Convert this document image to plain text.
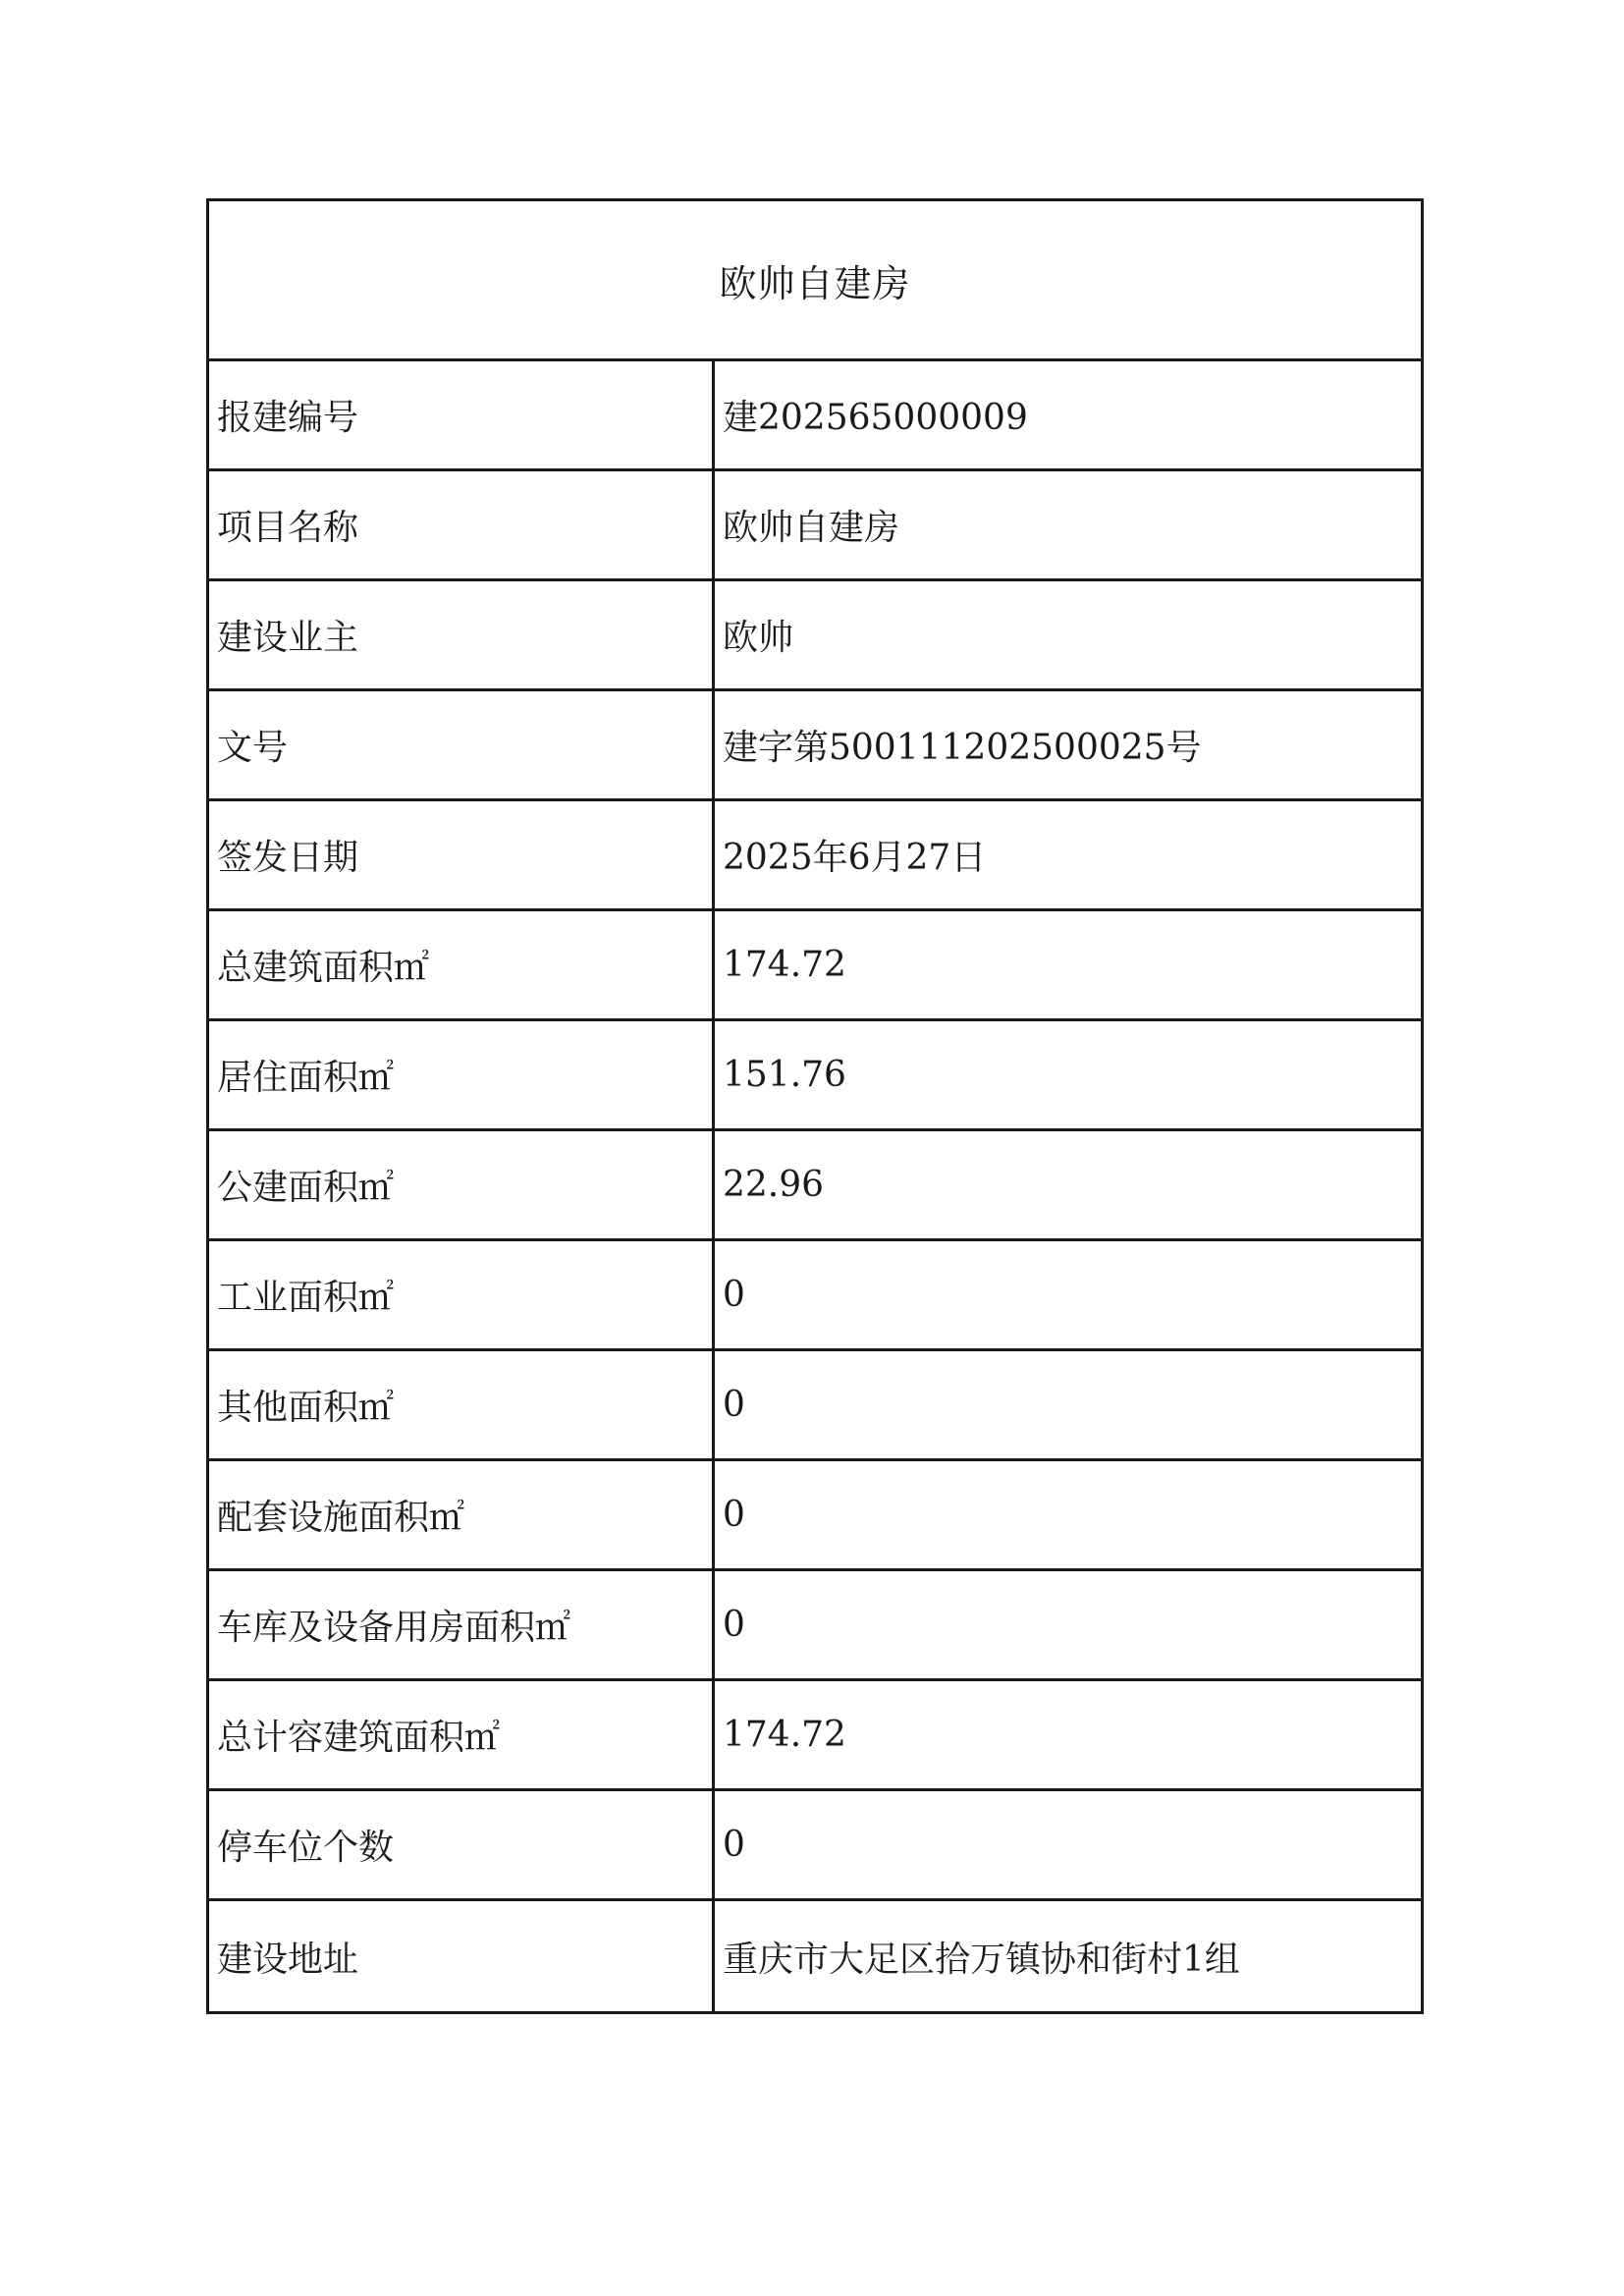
欧帅自建房
报建编号	建202565000009
项目名称	欧帅自建房
建设业主	欧帅
文号	建字第500111202500025号
签发日期	2025年6月27日
总建筑面积㎡	174.72
居住面积㎡	151.76
公建面积㎡	22.96
工业面积㎡	0
其他面积㎡	0
配套设施面积㎡	0
车库及设备用房面积㎡	0
总计容建筑面积㎡	174.72
停车位个数	0
建设地址	重庆市大足区拾万镇协和街村1组
